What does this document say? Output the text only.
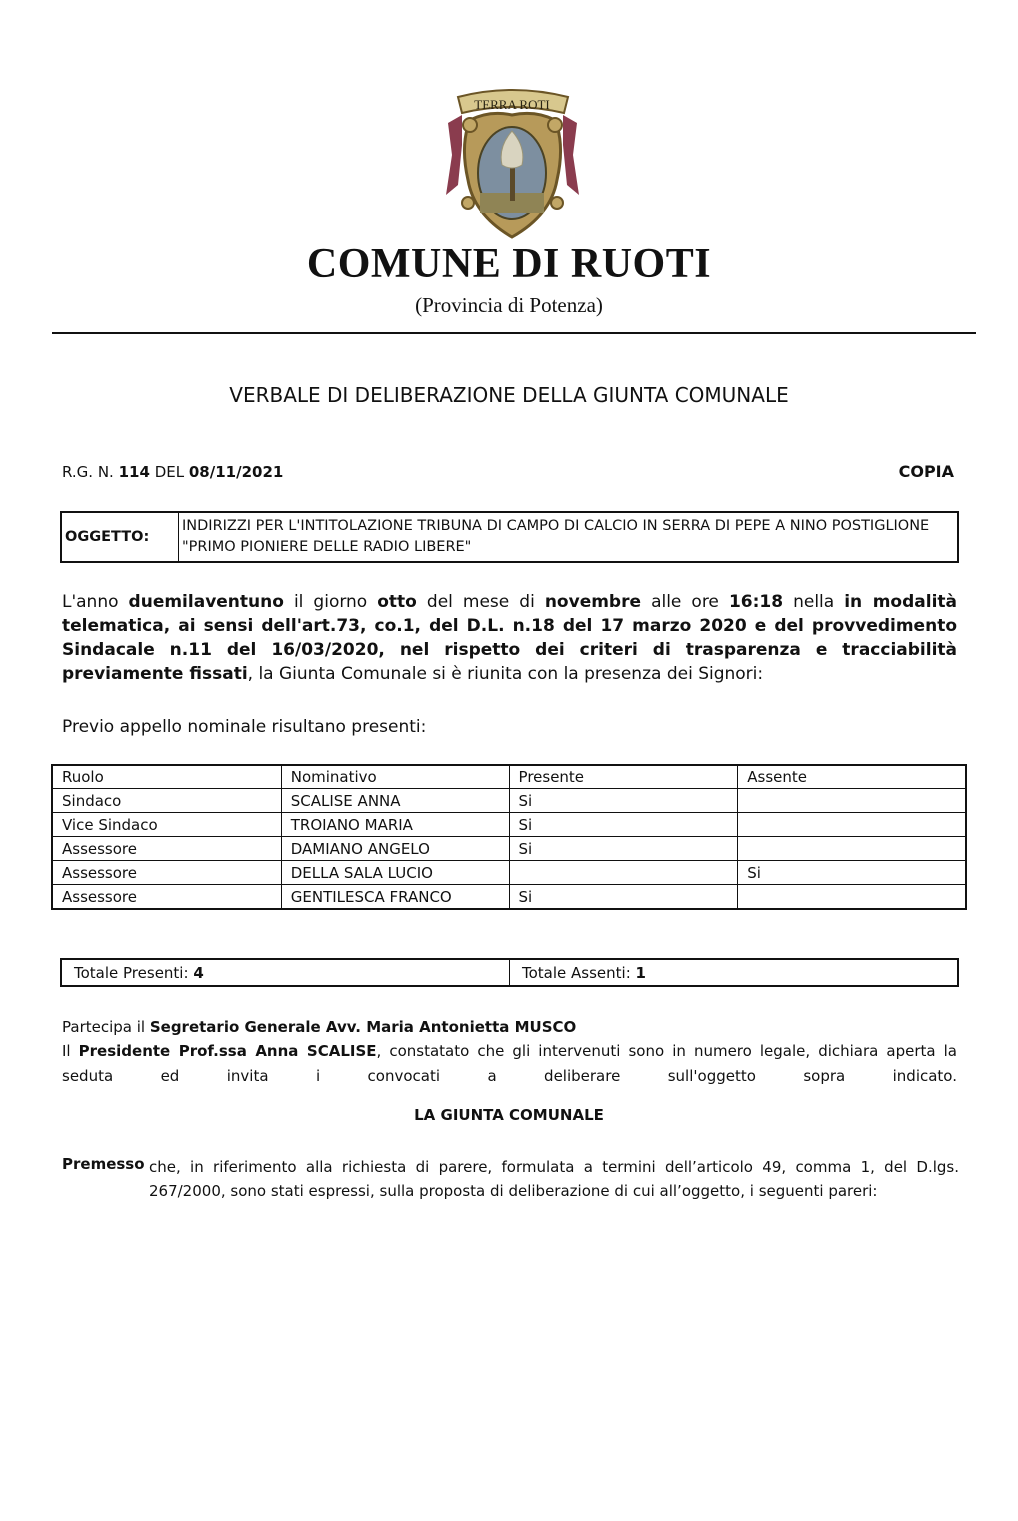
TERRA ROTI
COMUNE DI RUOTI
(Provincia di Potenza)
VERBALE DI DELIBERAZIONE DELLA GIUNTA COMUNALE
R.G. N. 114 DEL 08/11/2021	COPIA
OGGETTO:	INDIRIZZI PER L'INTITOLAZIONE TRIBUNA DI CAMPO DI CALCIO IN SERRA DI PEPE A NINO POSTIGLIONE "PRIMO PIONIERE DELLE RADIO LIBERE"
L'anno duemilaventuno il giorno otto del mese di novembre alle ore 16:18 nella in modalità telematica, ai sensi dell'art.73, co.1, del D.L. n.18 del 17 marzo 2020 e del provvedimento Sindacale n.11 del 16/03/2020, nel rispetto dei criteri di trasparenza e tracciabilità previamente fissati, la Giunta Comunale si è riunita con la presenza dei Signori:
Previo appello nominale risultano presenti:
Ruolo	Nominativo	Presente	Assente
Sindaco	SCALISE ANNA	Si	
Vice Sindaco	TROIANO MARIA	Si	
Assessore	DAMIANO ANGELO	Si	
Assessore	DELLA SALA LUCIO		Si
Assessore	GENTILESCA FRANCO	Si	
Totale Presenti: 4	Totale Assenti: 1
Partecipa il Segretario Generale Avv. Maria Antonietta MUSCO
Il Presidente Prof.ssa Anna SCALISE, constatato che gli intervenuti sono in numero legale, dichiara aperta la seduta ed invita i convocati a deliberare sull'oggetto sopra indicato.
LA GIUNTA COMUNALE
Premesso che, in riferimento alla richiesta di parere, formulata a termini dell’articolo 49, comma 1, del D.lgs. 267/2000, sono stati espressi, sulla proposta di deliberazione di cui all’oggetto, i seguenti pareri:
